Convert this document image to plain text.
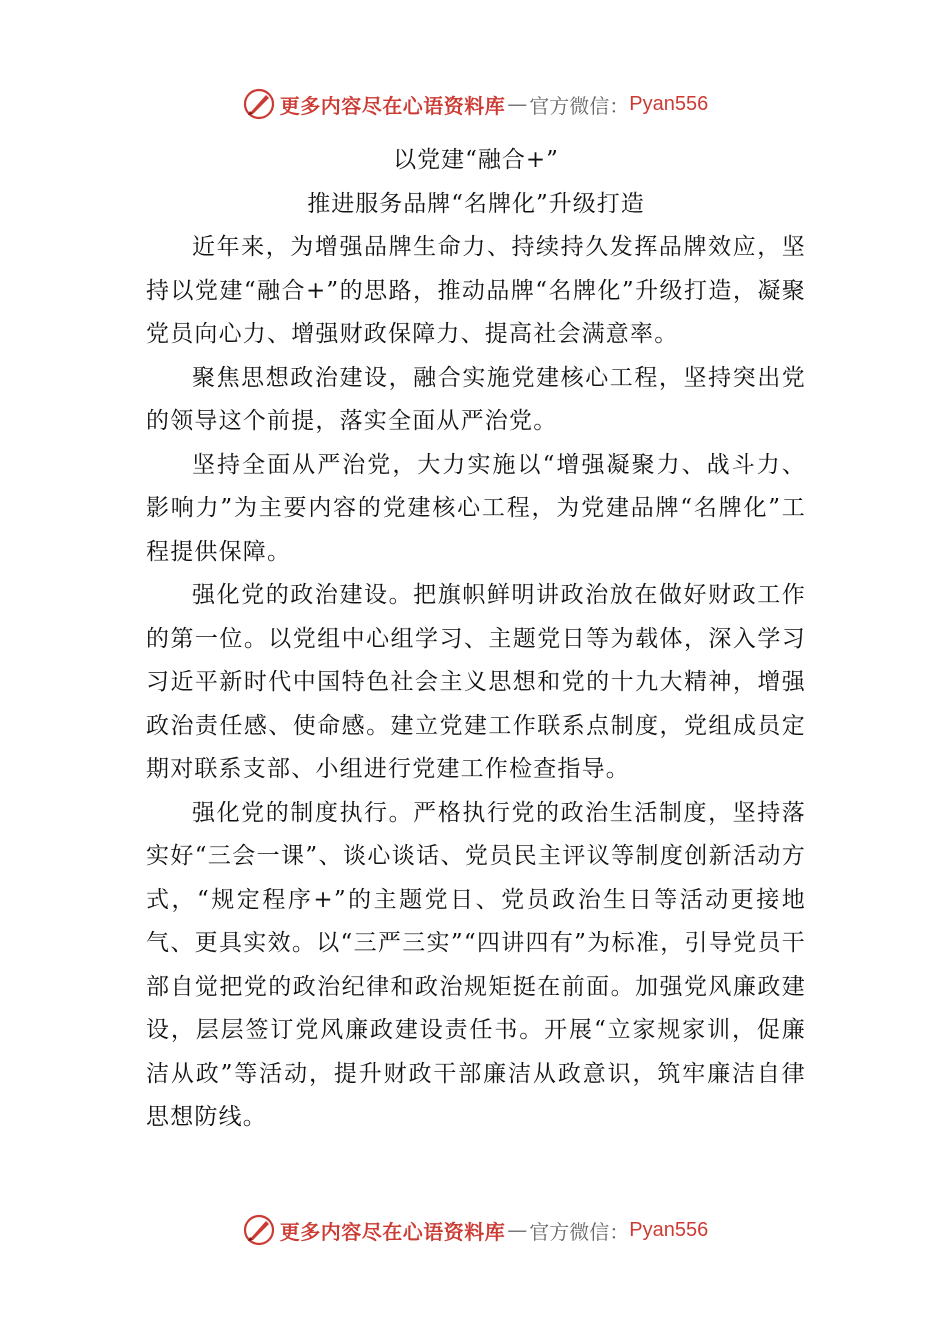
更多内容尽在心语资料库 — 官方微信： Pyan556
以党建“融合+”
推进服务品牌“名牌化”升级打造

近年来，为增强品牌生命力、持续持久发挥品牌效应，坚持以党建“融合+”的思路，推动品牌“名牌化”升级打造，凝聚党员向心力、增强财政保障力、提高社会满意率。

聚焦思想政治建设，融合实施党建核心工程，坚持突出党的领导这个前提，落实全面从严治党。

坚持全面从严治党，大力实施以“增强凝聚力、战斗力、影响力”为主要内容的党建核心工程，为党建品牌“名牌化”工程提供保障。

强化党的政治建设。把旗帜鲜明讲政治放在做好财政工作的第一位。以党组中心组学习、主题党日等为载体，深入学习习近平新时代中国特色社会主义思想和党的十九大精神，增强政治责任感、使命感。建立党建工作联系点制度，党组成员定期对联系支部、小组进行党建工作检查指导。

强化党的制度执行。严格执行党的政治生活制度，坚持落实好“三会一课”、谈心谈话、党员民主评议等制度创新活动方式，“规定程序+”的主题党日、党员政治生日等活动更接地气、更具实效。以“三严三实”“四讲四有”为标准，引导党员干部自觉把党的政治纪律和政治规矩挺在前面。加强党风廉政建设，层层签订党风廉政建设责任书。开展“立家规家训，促廉洁从政”等活动，提升财政干部廉洁从政意识，筑牢廉洁自律思想防线。

更多内容尽在心语资料库 — 官方微信： Pyan556
